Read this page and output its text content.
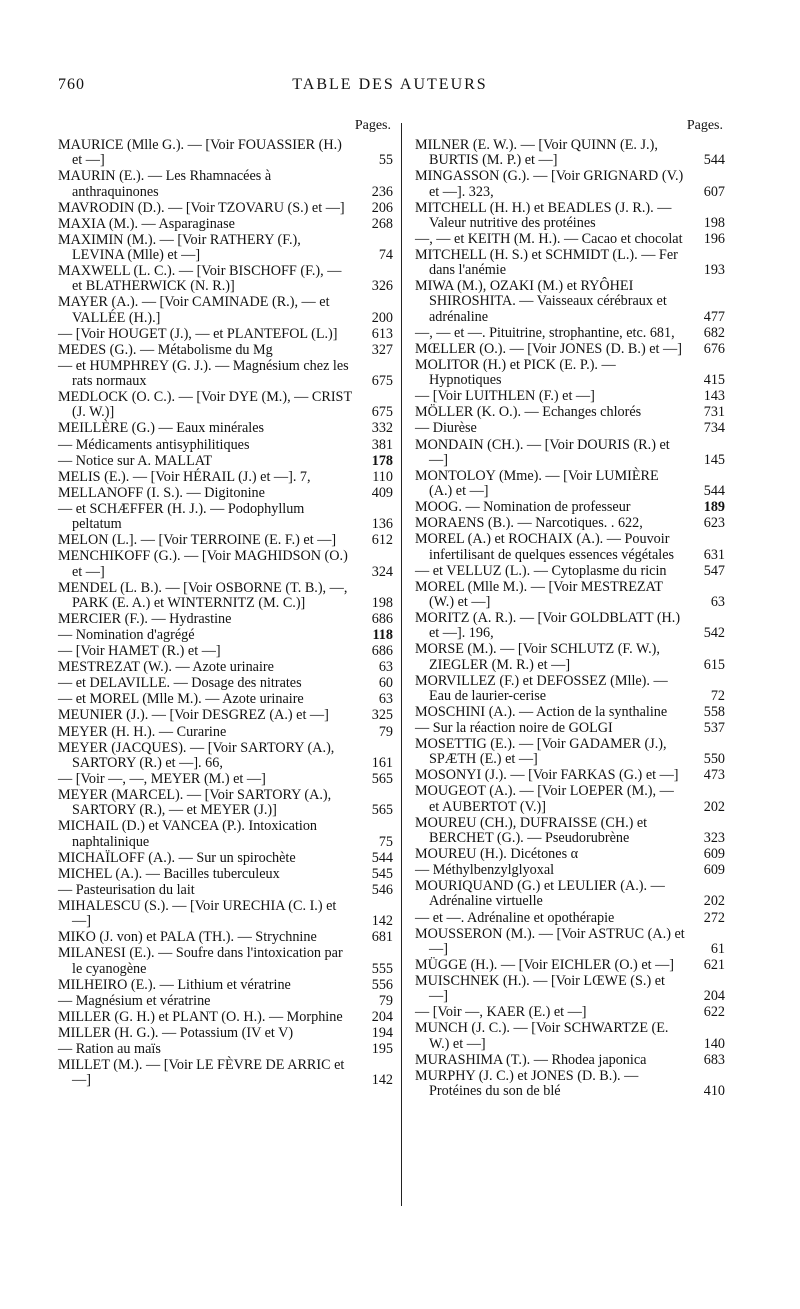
760	TABLE DES AUTEURS
Pages.
MAURICE (Mlle G.). — [Voir FOUASSIER (H.) et —]	55
MAURIN (E.). — Les Rhamnacées à anthraquinones	236
MAVRODIN (D.). — [Voir TZOVARU (S.) et —]	206
MAXIA (M.). — Asparaginase	268
MAXIMIN (M.). — [Voir RATHERY (F.), LEVINA (Mlle) et —]	74
MAXWELL (L. C.). — [Voir BISCHOFF (F.), — et BLATHERWICK (N. R.)]	326
MAYER (A.). — [Voir CAMINADE (R.), — et VALLÉE (H.).]	200
— [Voir HOUGET (J.), — et PLANTEFOL (L.)]	613
MEDES (G.). — Métabolisme du Mg	327
— et HUMPHREY (G. J.). — Magnésium chez les rats normaux	675
MEDLOCK (O. C.). — [Voir DYE (M.), — CRIST (J. W.)]	675
MEILLÈRE (G.) — Eaux minérales	332
— Médicaments antisyphilitiques	381
— Notice sur A. MALLAT	178
MELIS (E.). — [Voir HÉRAIL (J.) et —]. 7,	110
MELLANOFF (I. S.). — Digitonine	409
— et SCHÆFFER (H. J.). — Podophyllum peltatum	136
MELON (L.]. — [Voir TERROINE (E. F.) et —]	612
MENCHIKOFF (G.). — [Voir MAGHIDSON (O.) et —]	324
MENDEL (L. B.). — [Voir OSBORNE (T. B.), —, PARK (E. A.) et WINTERNITZ (M. C.)]	198
MERCIER (F.). — Hydrastine	686
— Nomination d'agrégé	118
— [Voir HAMET (R.) et —]	686
MESTREZAT (W.). — Azote urinaire	63
— et DELAVILLE. — Dosage des nitrates	60
— et MOREL (Mlle M.). — Azote urinaire	63
MEUNIER (J.). — [Voir DESGREZ (A.) et —]	325
MEYER (H. H.). — Curarine	79
MEYER (JACQUES). — [Voir SARTORY (A.), SARTORY (R.) et —]. 66,	161
— [Voir —, —, MEYER (M.) et —]	565
MEYER (MARCEL). — [Voir SARTORY (A.), SARTORY (R.), — et MEYER (J.)]	565
MICHAIL (D.) et VANCEA (P.). Intoxication naphtalinique	75
MICHAÏLOFF (A.). — Sur un spirochète	544
MICHEL (A.). — Bacilles tuberculeux	545
— Pasteurisation du lait	546
MIHALESCU (S.). — [Voir URECHIA (C. I.) et —]	142
MIKO (J. von) et PALA (TH.). — Strychnine	681
MILANESI (E.). — Soufre dans l'intoxication par le cyanogène	555
MILHEIRO (E.). — Lithium et vératrine	556
— Magnésium et vératrine	79
MILLER (G. H.) et PLANT (O. H.). — Morphine	204
MILLER (H. G.). — Potassium (IV et V)	194
— Ration au maïs	195
MILLET (M.). — [Voir LE FÈVRE DE ARRIC et —]	142
Pages.
MILNER (E. W.). — [Voir QUINN (E. J.), BURTIS (M. P.) et —]	544
MINGASSON (G.). — [Voir GRIGNARD (V.) et —]. 323,	607
MITCHELL (H. H.) et BEADLES (J. R.). — Valeur nutritive des protéines	198
—, — et KEITH (M. H.). — Cacao et chocolat	196
MITCHELL (H. S.) et SCHMIDT (L.). — Fer dans l'anémie	193
MIWA (M.), OZAKI (M.) et RYÔHEI SHIROSHITA. — Vaisseaux cérébraux et adrénaline	477
—, — et —. Pituitrine, strophantine, etc. 681,	682
MŒLLER (O.). — [Voir JONES (D. B.) et —]	676
MOLITOR (H.) et PICK (E. P.). — Hypnotiques	415
— [Voir LUITHLEN (F.) et —]	143
MÖLLER (K. O.). — Echanges chlorés	731
— Diurèse	734
MONDAIN (CH.). — [Voir DOURIS (R.) et —]	145
MONTOLOY (Mme). — [Voir LUMIÈRE (A.) et —]	544
MOOG. — Nomination de professeur	189
MORAENS (B.). — Narcotiques. . 622,	623
MOREL (A.) et ROCHAIX (A.). — Pouvoir infertilisant de quelques essences végétales	631
— et VELLUZ (L.). — Cytoplasme du ricin	547
MOREL (Mlle M.). — [Voir MESTREZAT (W.) et —]	63
MORITZ (A. R.). — [Voir GOLDBLATT (H.) et —]. 196,	542
MORSE (M.). — [Voir SCHLUTZ (F. W.), ZIEGLER (M. R.) et —]	615
MORVILLEZ (F.) et DEFOSSEZ (Mlle). — Eau de laurier-cerise	72
MOSCHINI (A.). — Action de la synthaline	558
— Sur la réaction noire de GOLGI	537
MOSETTIG (E.). — [Voir GADAMER (J.), SPÆTH (E.) et —]	550
MOSONYI (J.). — [Voir FARKAS (G.) et —]	473
MOUGEOT (A.). — [Voir LOEPER (M.), — et AUBERTOT (V.)]	202
MOUREU (CH.), DUFRAISSE (CH.) et BERCHET (G.). — Pseudorubrène	323
MOUREU (H.). Dicétones α	609
— Méthylbenzylglyoxal	609
MOURIQUAND (G.) et LEULIER (A.). — Adrénaline virtuelle	202
— et —. Adrénaline et opothérapie	272
MOUSSERON (M.). — [Voir ASTRUC (A.) et —]	61
MÜGGE (H.). — [Voir EICHLER (O.) et —]	621
MUISCHNEK (H.). — [Voir LŒWE (S.) et —]	204
— [Voir —, KAER (E.) et —]	622
MUNCH (J. C.). — [Voir SCHWARTZE (E. W.) et —]	140
MURASHIMA (T.). — Rhodea japonica	683
MURPHY (J. C.) et JONES (D. B.). — Protéines du son de blé	410
